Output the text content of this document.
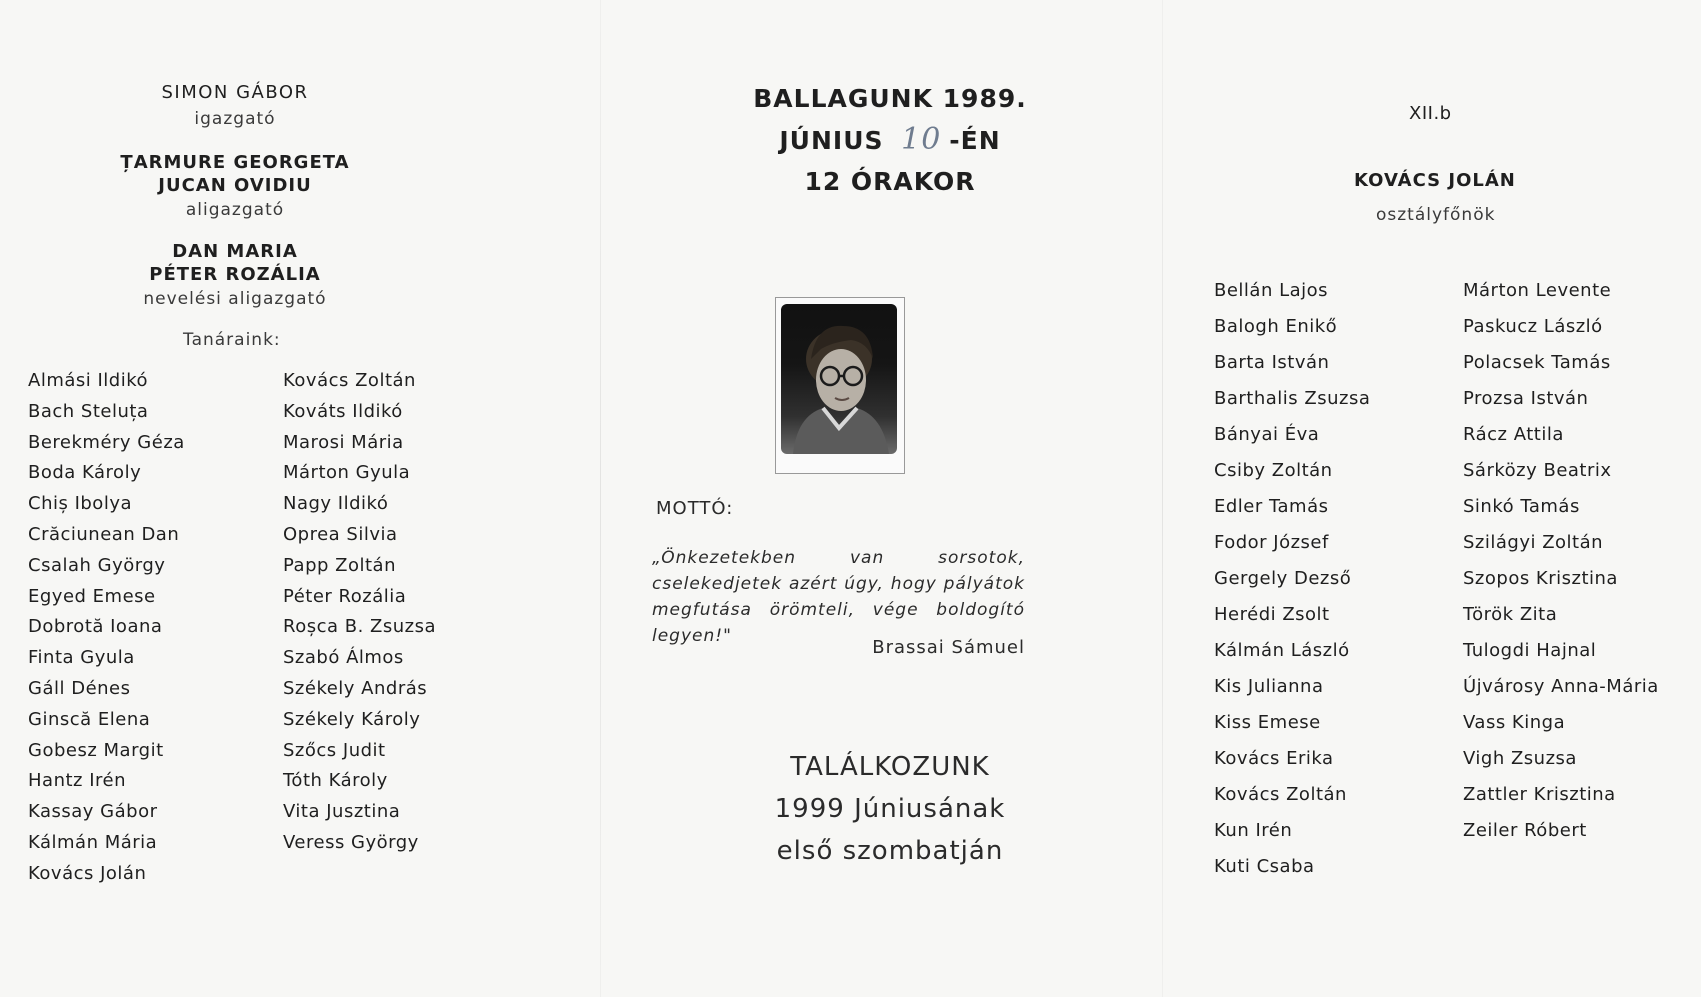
SIMON GÁBOR
igazgató
ȚARMURE GEORGETA
JUCAN OVIDIU
aligazgató
DAN MARIA
PÉTER ROZÁLIA
nevelési aligazgató
Tanáraink:
Almási Ildikó
Bach Steluța
Berekméry Géza
Boda Károly
Chiș Ibolya
Crăciunean Dan
Csalah György
Egyed Emese
Dobrotă Ioana
Finta Gyula
Gáll Dénes
Ginscă Elena
Gobesz Margit
Hantz Irén
Kassay Gábor
Kálmán Mária
Kovács Jolán
Kovács Zoltán
Kováts Ildikó
Marosi Mária
Márton Gyula
Nagy Ildikó
Oprea Silvia
Papp Zoltán
Péter Rozália
Roșca B. Zsuzsa
Szabó Álmos
Székely András
Székely Károly
Szőcs Judit
Tóth Károly
Vita Jusztina
Veress György
BALLAGUNK 1989.
JÚNIUS 10 -ÉN
12 ÓRAKOR
MOTTÓ:
„Önkezetekben van sorsotok, cselekedjetek azért úgy, hogy pályátok megfutása örömteli, vége boldogító legyen!"
Brassai Sámuel
TALÁLKOZUNK
1999 Júniusának
első szombatján
XII.b
KOVÁCS JOLÁN
osztályfőnök
Bellán Lajos
Balogh Enikő
Barta István
Barthalis Zsuzsa
Bányai Éva
Csiby Zoltán
Edler Tamás
Fodor József
Gergely Dezső
Herédi Zsolt
Kálmán László
Kis Julianna
Kiss Emese
Kovács Erika
Kovács Zoltán
Kun Irén
Kuti Csaba
Márton Levente
Paskucz László
Polacsek Tamás
Prozsa István
Rácz Attila
Sárközy Beatrix
Sinkó Tamás
Szilágyi Zoltán
Szopos Krisztina
Török Zita
Tulogdi Hajnal
Újvárosy Anna-Mária
Vass Kinga
Vigh Zsuzsa
Zattler Krisztina
Zeiler Róbert
